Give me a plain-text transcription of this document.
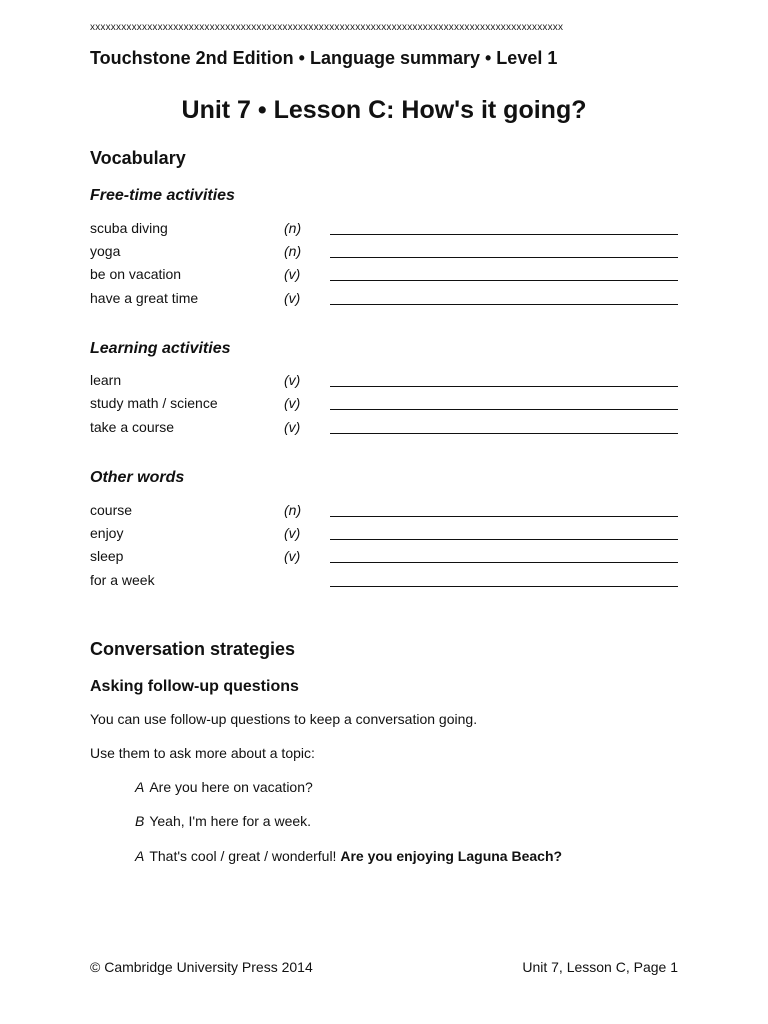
xxxxxxxxxxxxxxxxxxxxxxxxxxxxxxxxxxxxxxxxxxxxxxxxxxxxxxxxxxxxxxxxxxxxxxxxxxxxxxxxxxxxxxxxxxx
Touchstone 2nd Edition • Language summary • Level 1
Unit 7 • Lesson C: How's it going?
Vocabulary
Free-time activities
scuba diving	(n)
yoga	(n)
be on vacation	(v)
have a great time	(v)
Learning activities
learn	(v)
study math / science	(v)
take a course	(v)
Other words
course	(n)
enjoy	(v)
sleep	(v)
for a week
Conversation strategies
Asking follow-up questions
You can use follow-up questions to keep a conversation going.
Use them to ask more about a topic:
A Are you here on vacation?
B Yeah, I'm here for a week.
A That's cool / great / wonderful! Are you enjoying Laguna Beach?
© Cambridge University Press 2014	Unit 7, Lesson C, Page 1
